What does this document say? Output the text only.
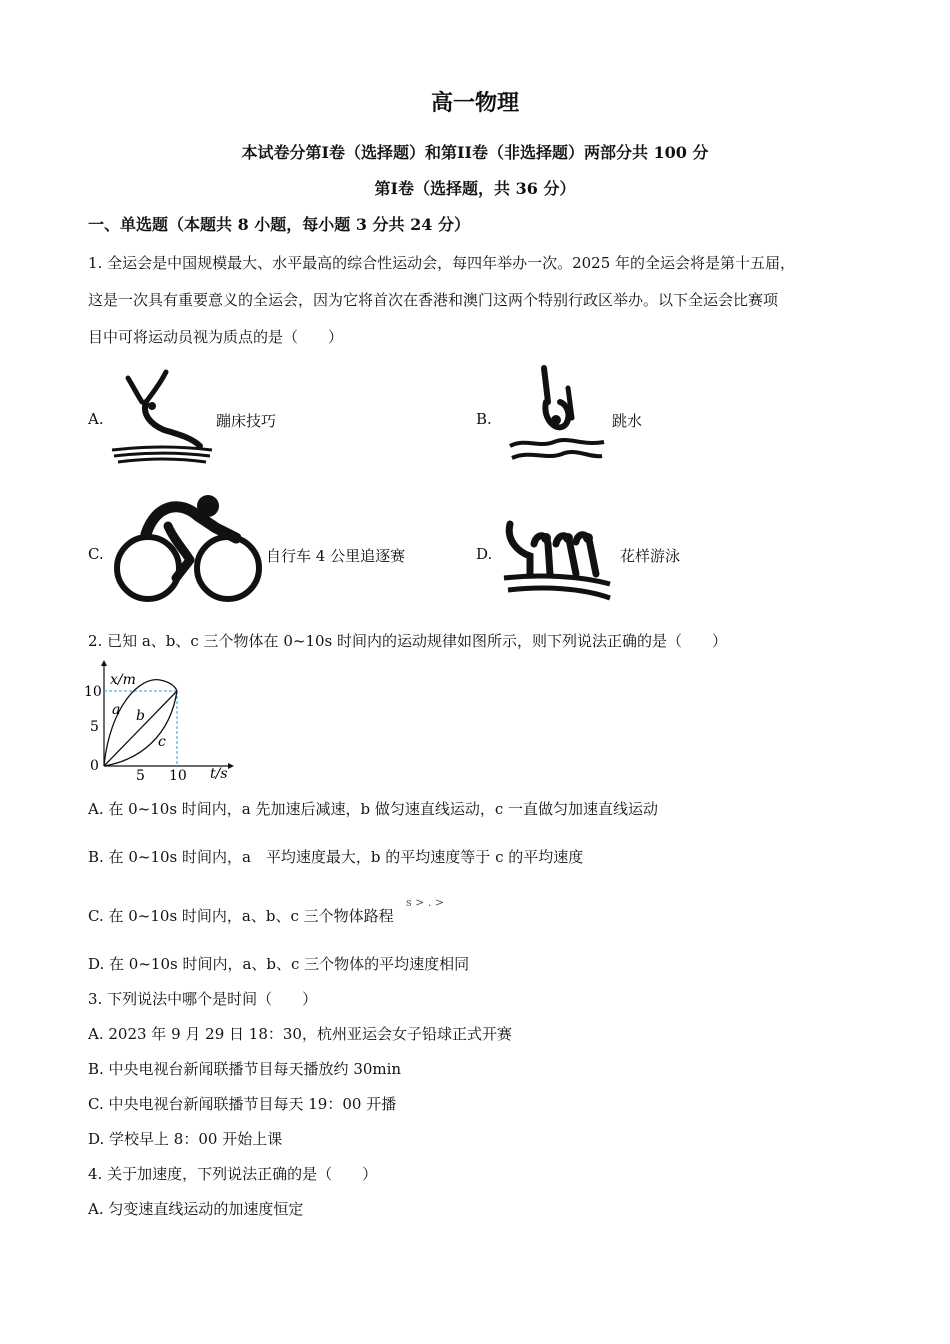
高一物理
本试卷分第I卷（选择题）和第II卷（非选择题）两部分共 100 分
第I卷（选择题，共 36 分）
一、单选题（本题共 8 小题，每小题 3 分共 24 分）
1. 全运会是中国规模最大、水平最高的综合性运动会，每四年举办一次。2025 年的全运会将是第十五届，
这是一次具有重要意义的全运会，因为它将首次在香港和澳门这两个特别行政区举办。以下全运会比赛项
目中可将运动员视为质点的是（　　）
A.	蹦床技巧	B.	跳水
C.	自行车 4 公里追逐赛	D.	花样游泳
2. 已知 a、b、c 三个物体在 0~10s 时间内的运动规律如图所示，则下列说法正确的是（　　）
x/m
10
5
0
5 10 t/s
a b
c
A. 在 0~10s 时间内，a 先加速后减速，b 做匀速直线运动，c 一直做匀加速直线运动
B. 在 0~10s 时间内，a　平均速度最大，b 的平均速度等于 c 的平均速度
C. 在 0~10s 时间内，a、b、c 三个物体路程
s > . >
D. 在 0~10s 时间内，a、b、c 三个物体的平均速度相同
3. 下列说法中哪个是时间（　　）
A. 2023 年 9 月 29 日 18：30，杭州亚运会女子铅球正式开赛
B. 中央电视台新闻联播节目每天播放约 30min
C. 中央电视台新闻联播节目每天 19：00 开播
D. 学校早上 8：00 开始上课
4. 关于加速度，下列说法正确的是（　　）
A. 匀变速直线运动的加速度恒定
